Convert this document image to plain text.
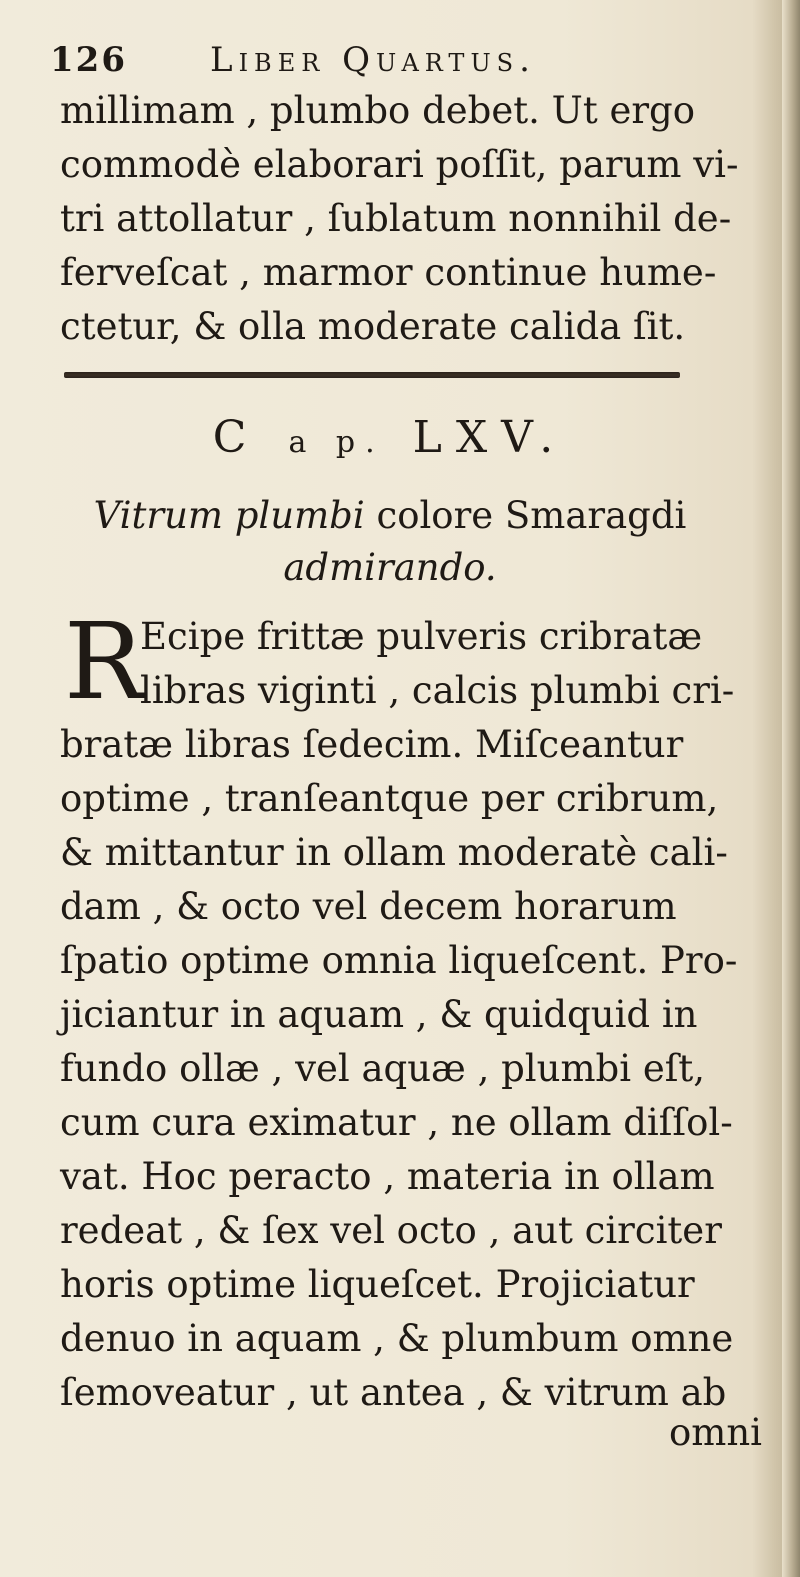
126 Liber Quartus.
millimam , plumbo debet. Ut ergo
commodè elaborari poſſit, parum vi-
tri attollatur , ſublatum nonnihil de-
ferveſcat , marmor continue hume-
ctetur, & olla moderate calida ſit.
C a p. LXV.
Vitrum plumbi colore Smaragdi
admirando.
R
Ecipe frittæ pulveris cribratæ
libras viginti , calcis plumbi cri-
bratæ libras ſedecim. Miſceantur
optime , tranſeantque per cribrum,
& mittantur in ollam moderatè cali-
dam , & octo vel decem horarum
ſpatio optime omnia liqueſcent. Pro-
jiciantur in aquam , & quidquid in
fundo ollæ , vel aquæ , plumbi eſt,
cum cura eximatur , ne ollam diſſol-
vat. Hoc peracto , materia in ollam
redeat , & ſex vel octo , aut circiter
horis optime liqueſcet. Projiciatur
denuo in aquam , & plumbum omne
ſemoveatur , ut antea , & vitrum ab
omni
